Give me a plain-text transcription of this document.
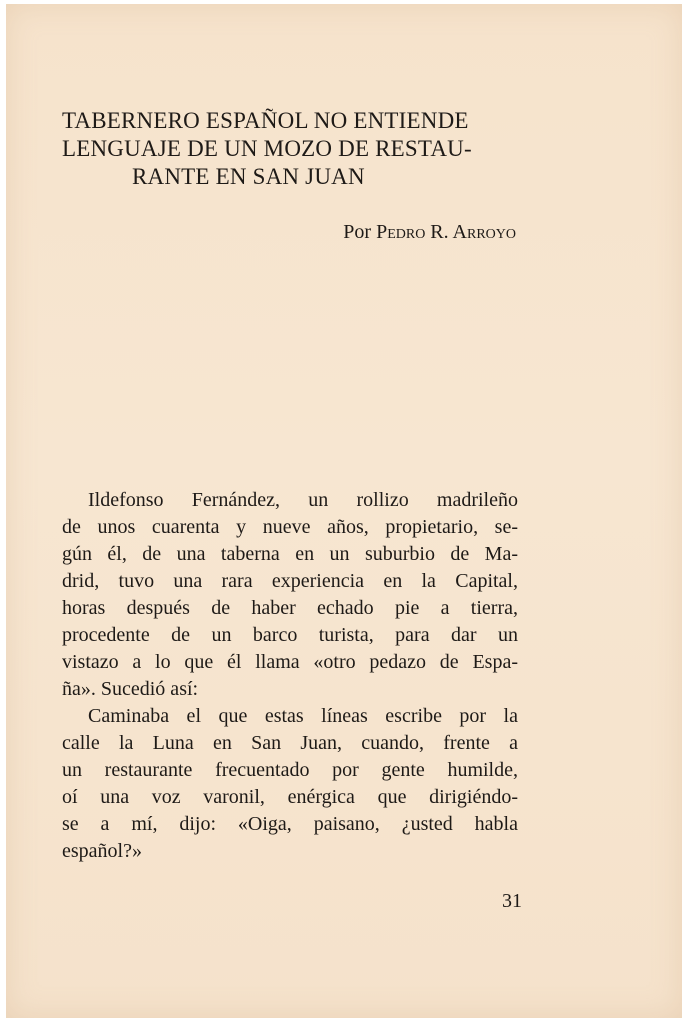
TABERNERO ESPAÑOL NO ENTIENDE
LENGUAJE DE UN MOZO DE RESTAU-
RANTE EN SAN JUAN
Por Pedro R. Arroyo
Ildefonso Fernández, un rollizo madrileño
de unos cuarenta y nueve años, propietario, se-
gún él, de una taberna en un suburbio de Ma-
drid, tuvo una rara experiencia en la Capital,
horas después de haber echado pie a tierra,
procedente de un barco turista, para dar un
vistazo a lo que él llama «otro pedazo de Espa-
ña». Sucedió así:
Caminaba el que estas líneas escribe por la
calle la Luna en San Juan, cuando, frente a
un restaurante frecuentado por gente humilde,
oí una voz varonil, enérgica que dirigiéndo-
se a mí, dijo: «Oiga, paisano, ¿usted habla
español?»
31
